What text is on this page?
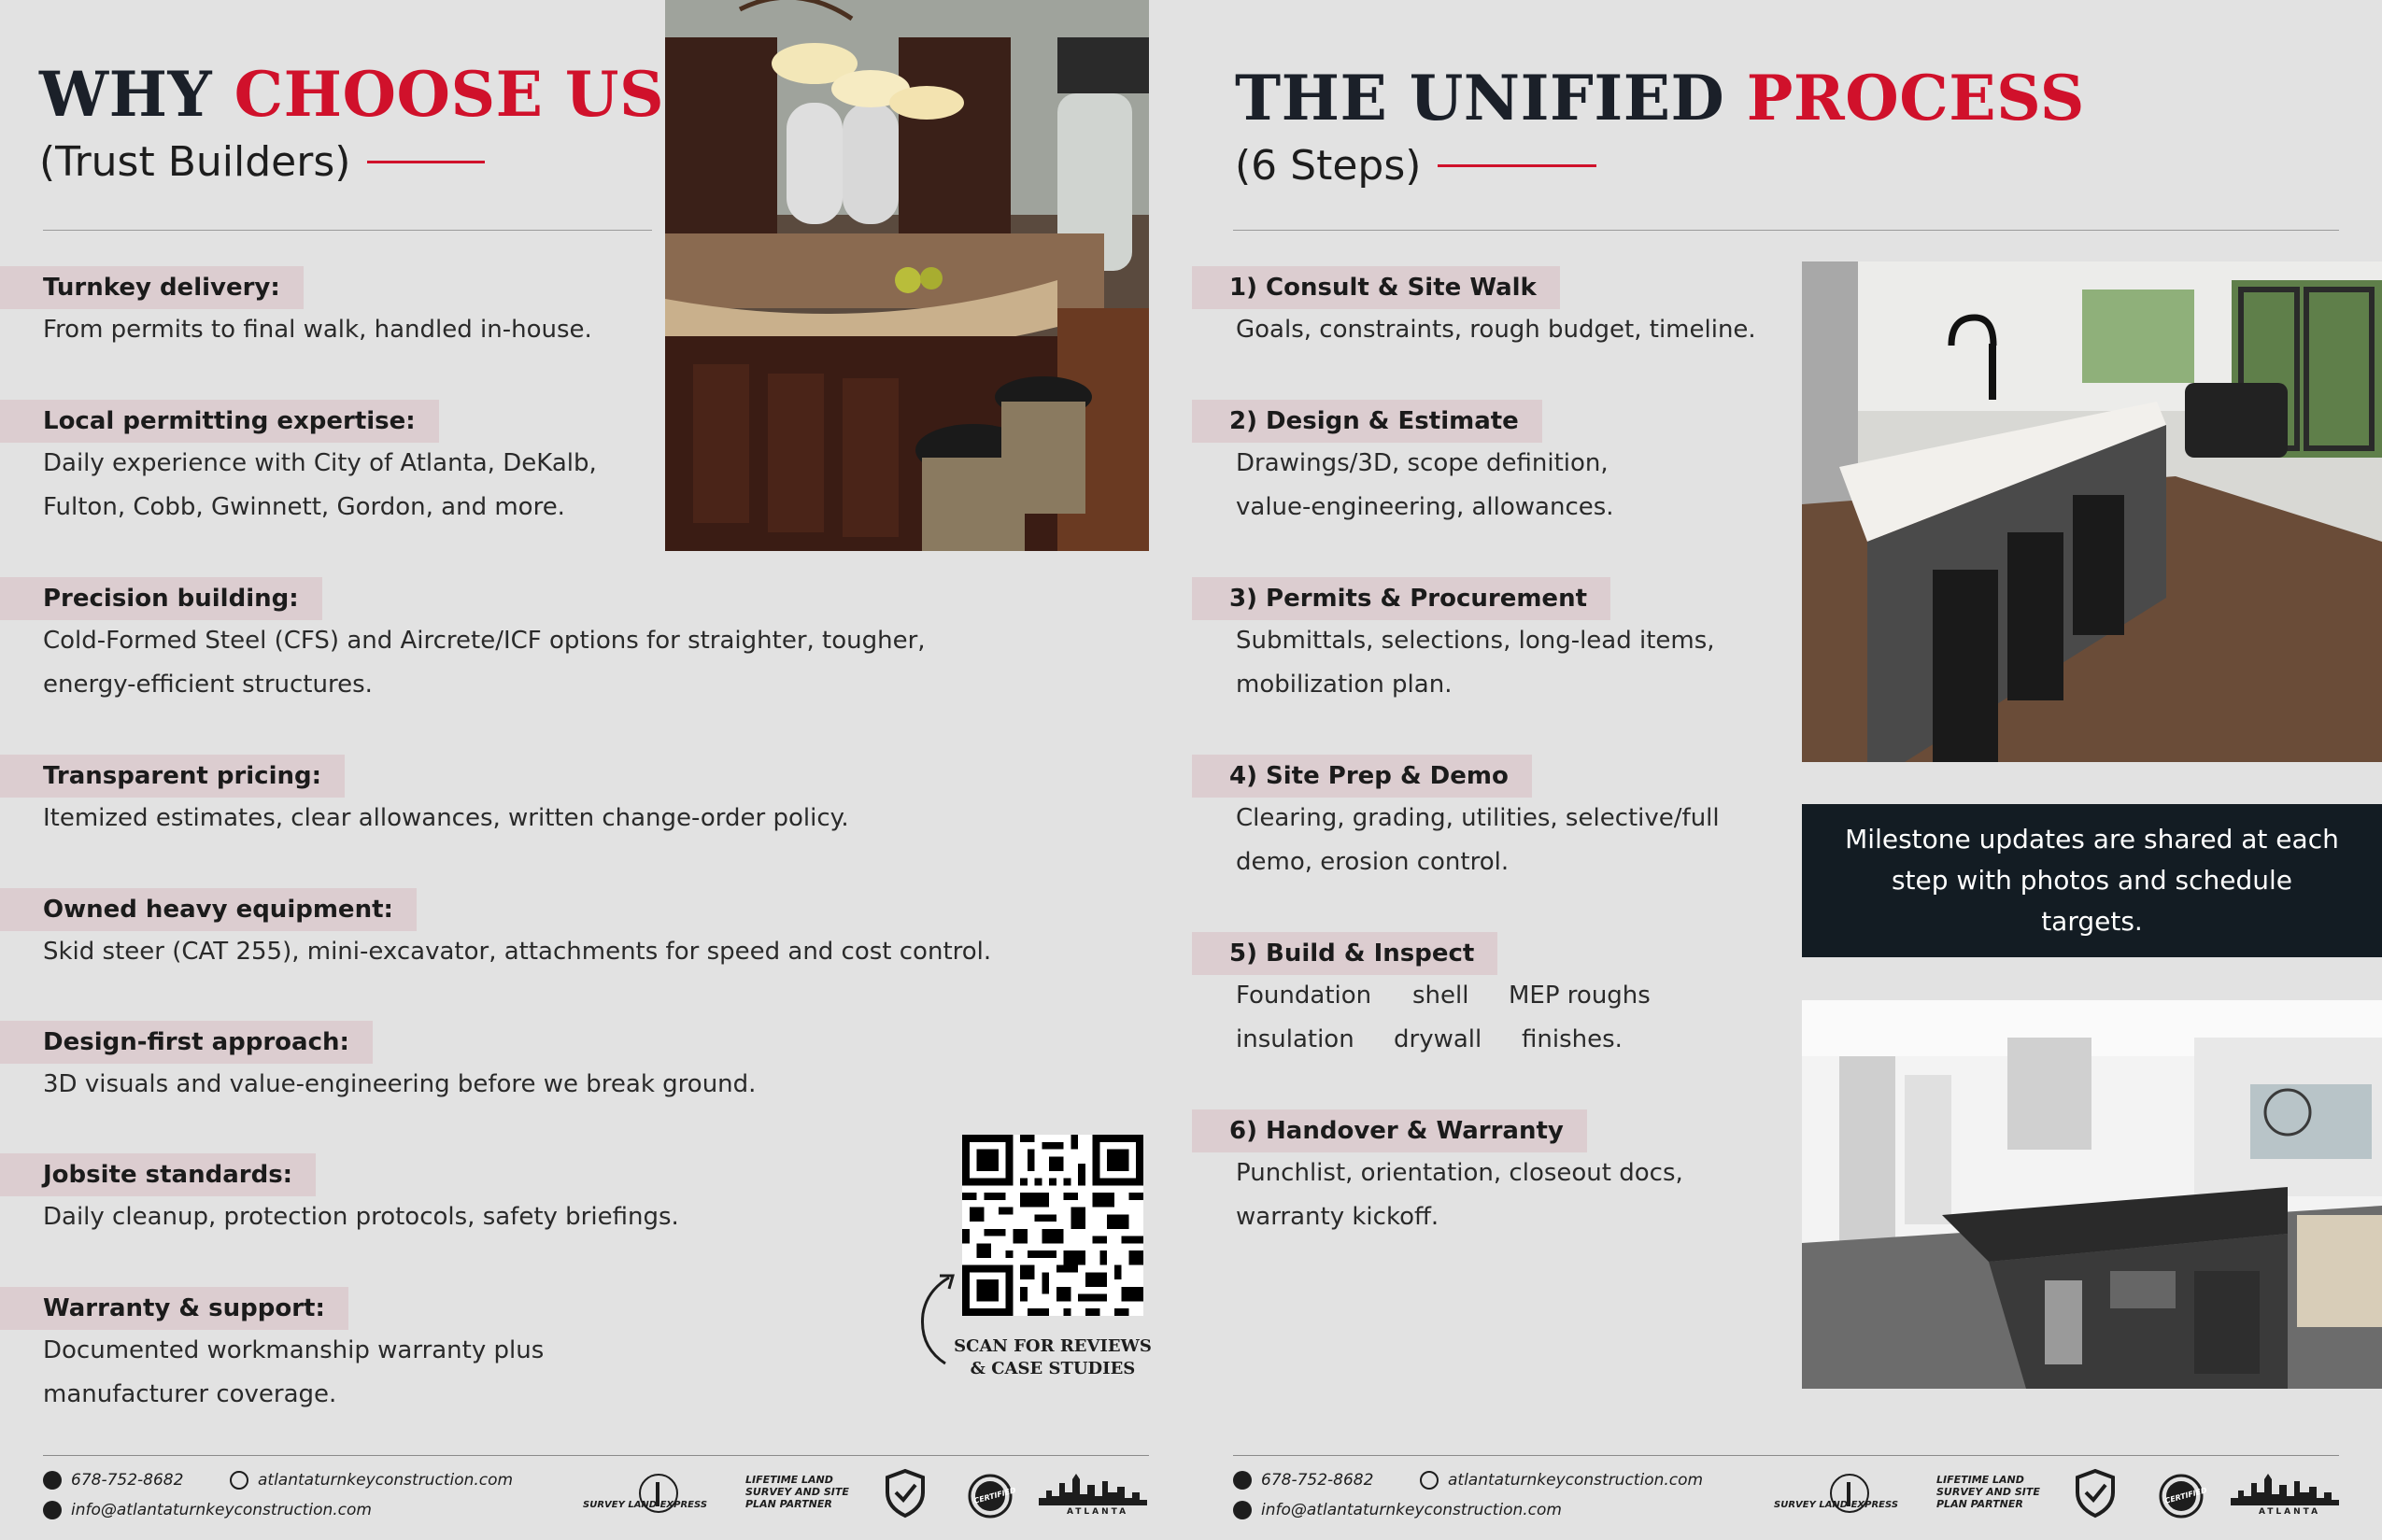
WHY CHOOSE US
(Trust Builders)
Turnkey delivery:
From permits to final walk, handled in-house.
Local permitting expertise:
Daily experience with City of Atlanta, DeKalb,
Fulton, Cobb, Gwinnett, Gordon, and more.
Precision building:
Cold-Formed Steel (CFS) and Aircrete/ICF options for straighter, tougher,
energy-efficient structures.
Transparent pricing:
Itemized estimates, clear allowances, written change-order policy.
Owned heavy equipment:
Skid steer (CAT 255), mini-excavator, attachments for speed and cost control.
Design-first approach:
3D visuals and value-engineering before we break ground.
Jobsite standards:
Daily cleanup, protection protocols, safety briefings.
Warranty & support:
Documented workmanship warranty plus
manufacturer coverage.
SCAN FOR REVIEWS
& CASE STUDIES
678-752-8682	atlantaturnkeyconstruction.com
info@atlantaturnkeyconstruction.com	SURVEY LAND EXPRESS
LIFETIME LAND
SURVEY AND SITE
PLAN PARTNER	CERTIFIED
ATLANTA
THE UNIFIED PROCESS
(6 Steps)
1) Consult & Site Walk
Goals, constraints, rough budget, timeline.
2) Design & Estimate
Drawings/3D, scope definition,
value-engineering, allowances.
3) Permits & Procurement
Submittals, selections, long-lead items,
mobilization plan.
4) Site Prep & Demo
Clearing, grading, utilities, selective/full
demo, erosion control.
5) Build & Inspect
Foundation shell MEP roughs
insulation drywall finishes.
6) Handover & Warranty
Punchlist, orientation, closeout docs,
warranty kickoff.
Milestone updates are shared at each step with photos and schedule targets.
678-752-8682	atlantaturnkeyconstruction.com
info@atlantaturnkeyconstruction.com	SURVEY LAND EXPRESS
LIFETIME LAND
SURVEY AND SITE
PLAN PARTNER	CERTIFIED
ATLANTA
